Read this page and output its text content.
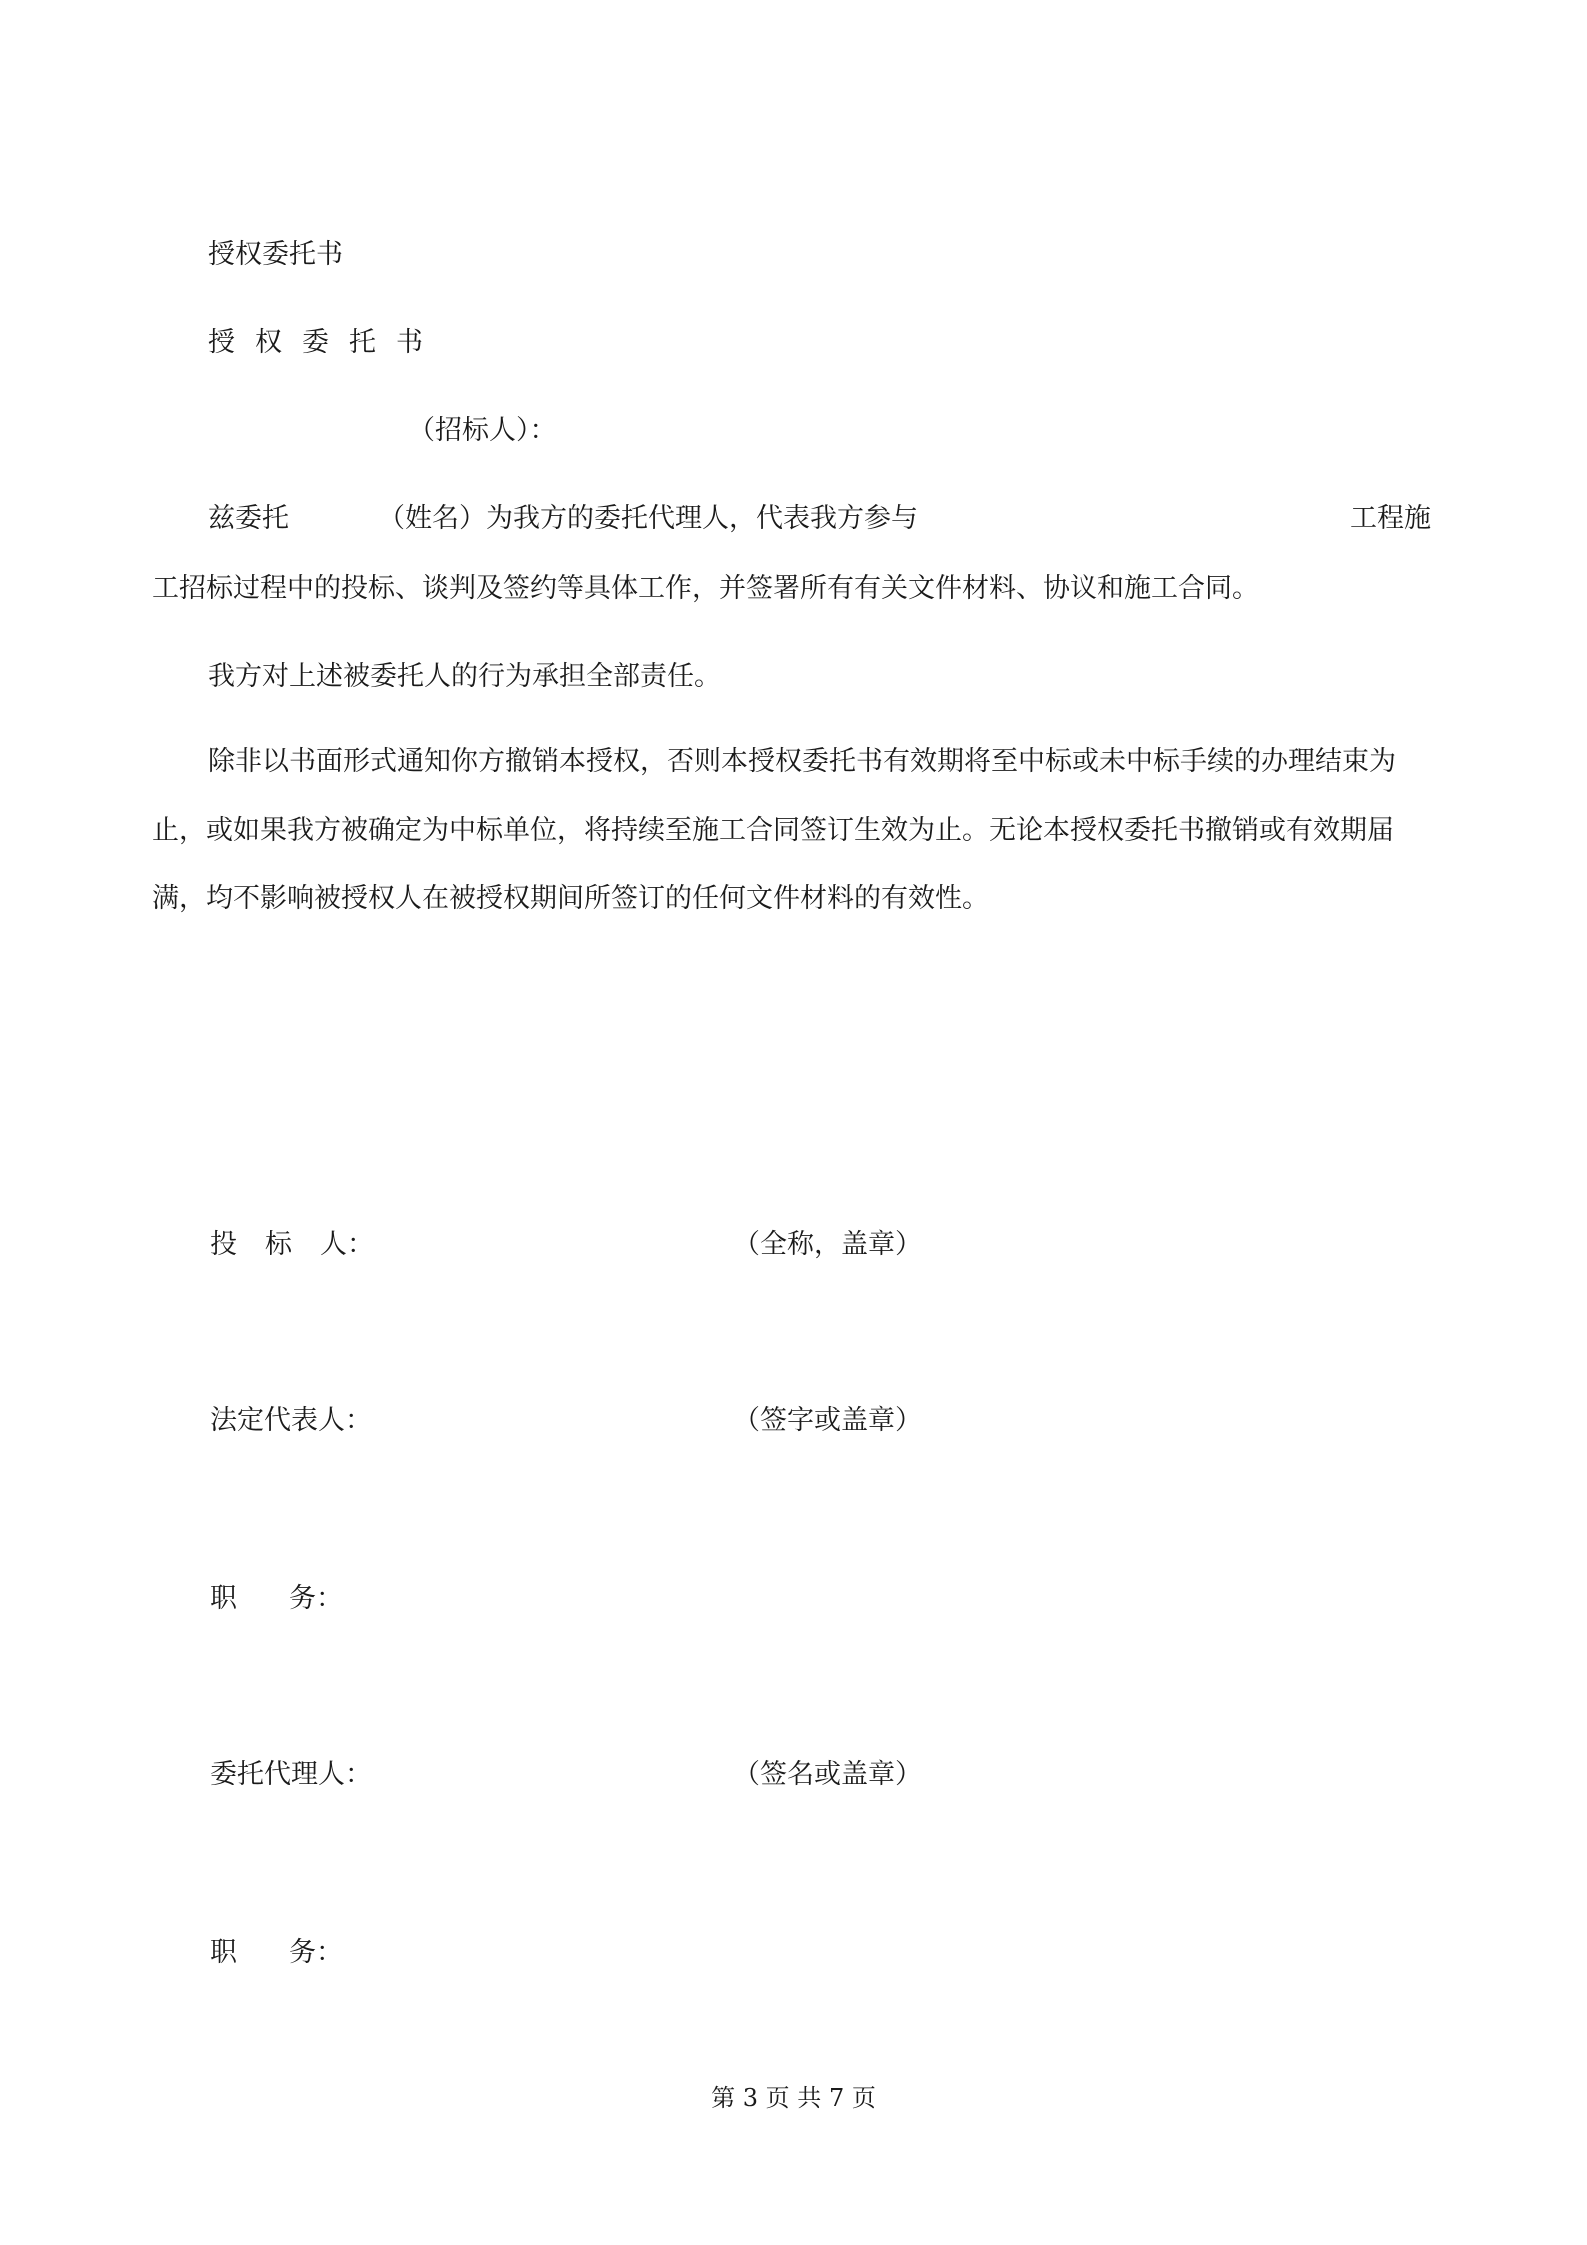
授权委托书

授权委托书

（招标人）：

兹委托	（姓名）为我方的委托代理人，代表我方参与	工程施

工招标过程中的投标、谈判及签约等具体工作，并签署所有有关文件材料、协议和施工合同。

我方对上述被委托人的行为承担全部责任。

除非以书面形式通知你方撤销本授权，否则本授权委托书有效期将至中标或未中标手续的办理结束为

止，或如果我方被确定为中标单位，将持续至施工合同签订生效为止。无论本授权委托书撤销或有效期届

满，均不影响被授权人在被授权期间所签订的任何文件材料的有效性。

投 标 人：	（全称，盖章）
法定代表人：	（签字或盖章）
职 务：
委托代理人：	（签名或盖章）
职 务：
第 3 页 共 7 页
